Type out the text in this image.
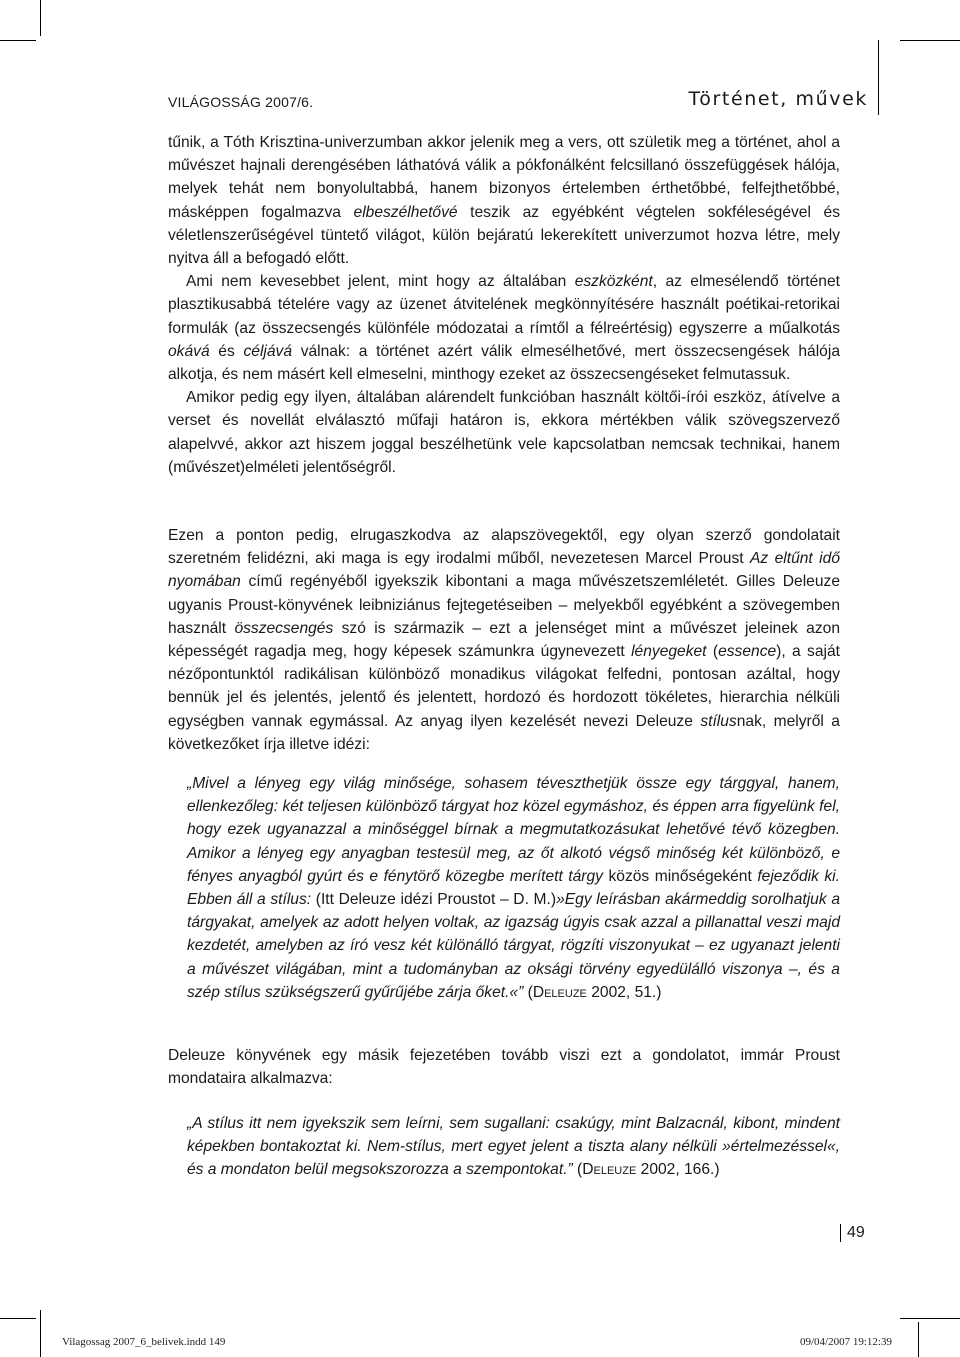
VILÁGOSSÁG 2007/6.	Történet, művek

tűnik, a Tóth Krisztina-univerzumban akkor jelenik meg a vers, ott születik meg a történet, ahol a művészet hajnali derengésében láthatóvá válik a pókfonálként felcsillanó összefüggések hálója, melyek tehát nem bonyolultabbá, hanem bizonyos értelemben érthetőbbé, felfejthetőbbé, másképpen fogalmazva elbeszélhetővé teszik az egyébként végtelen sokféleségével és véletlenszerűségével tüntető világot, külön bejáratú lekerekített univerzumot hozva létre, mely nyitva áll a befogadó előtt.

Ami nem kevesebbet jelent, mint hogy az általában eszközként, az elmesélendő történet plasztikusabbá tételére vagy az üzenet átvitelének megkönnyítésére használt poétikai-retorikai formulák (az összecsengés különféle módozatai a rímtől a félreértésig) egyszerre a műalkotás okává és céljává válnak: a történet azért válik elmesélhetővé, mert összecsengések hálója alkotja, és nem másért kell elmeselni, minthogy ezeket az összecsengéseket felmutassuk.

Amikor pedig egy ilyen, általában alárendelt funkcióban használt költői-írói eszköz, átívelve a verset és novellát elválasztó műfaji határon is, ekkora mértékben válik szövegszervező alapelvvé, akkor azt hiszem joggal beszélhetünk vele kapcsolatban nemcsak technikai, hanem (művészet)elméleti jelentőségről.

Ezen a ponton pedig, elrugaszkodva az alapszövegektől, egy olyan szerző gondolatait szeretném felidézni, aki maga is egy irodalmi műből, nevezetesen Marcel Proust Az eltűnt idő nyomában című regényéből igyekszik kibontani a maga művészetszemléletét. Gilles Deleuze ugyanis Proust-könyvének leibniziánus fejtegetéseiben – melyekből egyébként a szövegemben használt összecsengés szó is származik – ezt a jelenséget mint a művészet jeleinek azon képességét ragadja meg, hogy képesek számunkra úgynevezett lényegeket (essence), a saját nézőpontunktól radikálisan különböző monadikus világokat felfedni, pontosan azáltal, hogy bennük jel és jelentés, jelentő és jelentett, hordozó és hordozott tökéletes, hierarchia nélküli egységben vannak egymással. Az anyag ilyen kezelését nevezi Deleuze stílusnak, melyről a következőket írja illetve idézi:

„Mivel a lényeg egy világ minősége, sohasem téveszthetjük össze egy tárggyal, hanem, ellenkezőleg: két teljesen különböző tárgyat hoz közel egymáshoz, és éppen arra figyelünk fel, hogy ezek ugyanazzal a minőséggel bírnak a megmutatkozásukat lehetővé tévő közegben. Amikor a lényeg egy anyagban testesül meg, az őt alkotó végső minőség két különböző, e fényes anyagból gyúrt és e fénytörő közegbe merített tárgy közös minőségeként fejeződik ki. Ebben áll a stílus: (Itt Deleuze idézi Proustot – D. M.)»Egy leírásban akármeddig sorolhatjuk a tárgyakat, amelyek az adott helyen voltak, az igazság úgyis csak azzal a pillanattal veszi majd kezdetét, amelyben az író vesz két különálló tárgyat, rögzíti viszonyukat – ez ugyanazt jelenti a művészet világában, mint a tudományban az oksági törvény egyedülálló viszonya –, és a szép stílus szükségszerű gyűrűjébe zárja őket.«” (Deleuze 2002, 51.)

Deleuze könyvének egy másik fejezetében tovább viszi ezt a gondolatot, immár Proust mondataira alkalmazva:

„A stílus itt nem igyekszik sem leírni, sem sugallani: csakúgy, mint Balzacnál, kibont, mindent képekben bontakoztat ki. Nem-stílus, mert egyet jelent a tiszta alany nélküli »értelmezéssel«, és a mondaton belül megsokszorozza a szempontokat.” (Deleuze 2002, 166.)

49
Vilagossag 2007_6_belivek.indd 149	09/04/2007 19:12:39
